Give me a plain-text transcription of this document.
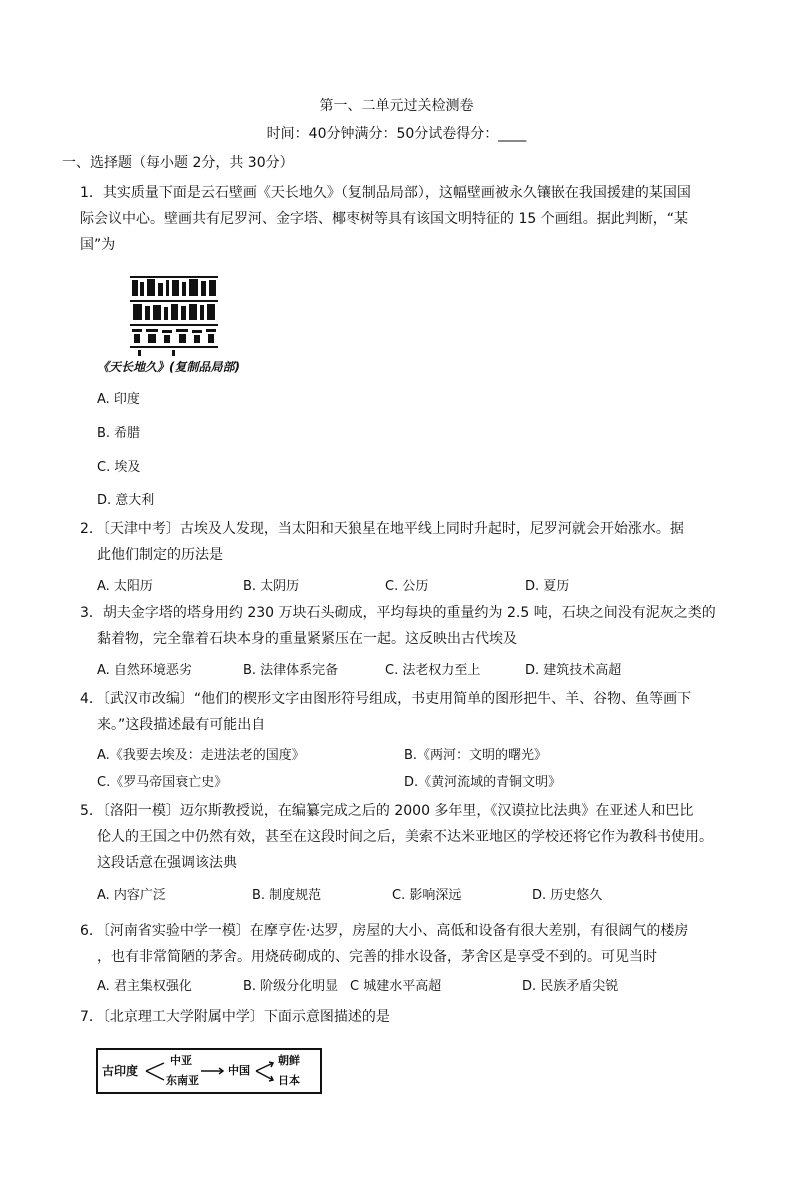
第一、二单元过关检测卷
时间：40分钟满分：50分试卷得分：____
一、选择题（每小题 2分，共 30分）
1．其实质量下面是云石壁画《天长地久》（复制品局部），这幅壁画被永久镶嵌在我国援建的某国国
际会议中心。壁画共有尼罗河、金字塔、椰枣树等具有该国文明特征的 15 个画组。据此判断，“某
国”为
《天长地久》(复制品局部)
A. 印度
B. 希腊
C. 埃及
D. 意大利
2．〔天津中考〕古埃及人发现，当太阳和天狼星在地平线上同时升起时，尼罗河就会开始涨水。据
此他们制定的历法是
A. 太阳历	B. 太阴历	C. 公历	D. 夏历
3．胡夫金字塔的塔身用约 230 万块石头砌成，平均每块的重量约为 2.5 吨，石块之间没有泥灰之类的
黏着物，完全靠着石块本身的重量紧紧压在一起。这反映出古代埃及
A. 自然环境恶劣	B. 法律体系完备	C. 法老权力至上	D. 建筑技术高超
4．〔武汉市改编〕“他们的楔形文字由图形符号组成，书吏用简单的图形把牛、羊、谷物、鱼等画下
来。”这段描述最有可能出自
A.《我要去埃及：走进法老的国度》	B.《两河：文明的曙光》
C.《罗马帝国衰亡史》	D.《黄河流域的青铜文明》
5．〔洛阳一模〕迈尔斯教授说，在编纂完成之后的 2000 多年里，《汉谟拉比法典》在亚述人和巴比
伦人的王国之中仍然有效，甚至在这段时间之后，美索不达米亚地区的学校还将它作为教科书使用。
这段话意在强调该法典
A. 内容广泛	B. 制度规范	C. 影响深远	D. 历史悠久
6．〔河南省实验中学一模〕在摩亨佐·达罗，房屋的大小、高低和设备有很大差别，有很阔气的楼房
，也有非常简陋的茅舍。用烧砖砌成的、完善的排水设备，茅舍区是享受不到的。可见当时
A. 君主集权强化	B. 阶级分化明显 C 城建水平高超	D. 民族矛盾尖锐
7．〔北京理工大学附属中学〕下面示意图描述的是
古印度
中亚
东南亚
中国
朝鲜
日本
